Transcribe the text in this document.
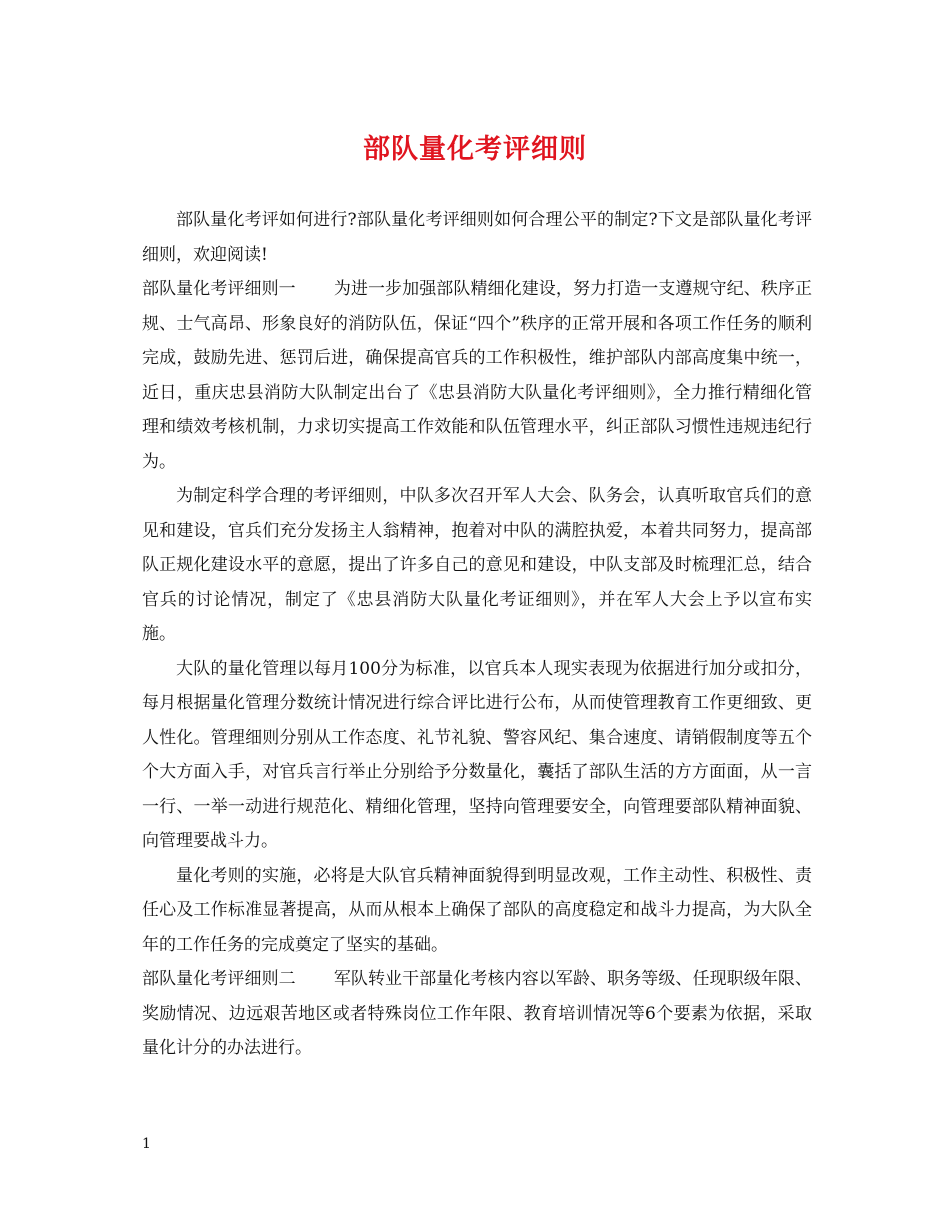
部队量化考评细则

部队量化考评如何进行?部队量化考评细则如何合理公平的制定?下文是部队量化考评细则，欢迎阅读!

部队量化考评细则一 为进一步加强部队精细化建设，努力打造一支遵规守纪、秩序正规、士气高昂、形象良好的消防队伍，保证“四个”秩序的正常开展和各项工作任务的顺利完成，鼓励先进、惩罚后进，确保提高官兵的工作积极性，维护部队内部高度集中统一，近日，重庆忠县消防大队制定出台了《忠县消防大队量化考评细则》，全力推行精细化管理和绩效考核机制，力求切实提高工作效能和队伍管理水平，纠正部队习惯性违规违纪行为。

为制定科学合理的考评细则，中队多次召开军人大会、队务会，认真听取官兵们的意见和建设，官兵们充分发扬主人翁精神，抱着对中队的满腔执爱，本着共同努力，提高部队正规化建设水平的意愿，提出了许多自己的意见和建设，中队支部及时梳理汇总，结合官兵的讨论情况，制定了《忠县消防大队量化考证细则》，并在军人大会上予以宣布实施。

大队的量化管理以每月100分为标准，以官兵本人现实表现为依据进行加分或扣分，每月根据量化管理分数统计情况进行综合评比进行公布，从而使管理教育工作更细致、更人性化。管理细则分别从工作态度、礼节礼貌、警容风纪、集合速度、请销假制度等五个个大方面入手，对官兵言行举止分别给予分数量化，囊括了部队生活的方方面面，从一言一行、一举一动进行规范化、精细化管理，坚持向管理要安全，向管理要部队精神面貌、向管理要战斗力。

量化考则的实施，必将是大队官兵精神面貌得到明显改观，工作主动性、积极性、责任心及工作标准显著提高，从而从根本上确保了部队的高度稳定和战斗力提高，为大队全年的工作任务的完成奠定了坚实的基础。

部队量化考评细则二 军队转业干部量化考核内容以军龄、职务等级、任现职级年限、奖励情况、边远艰苦地区或者特殊岗位工作年限、教育培训情况等6个要素为依据，采取量化计分的办法进行。

1
